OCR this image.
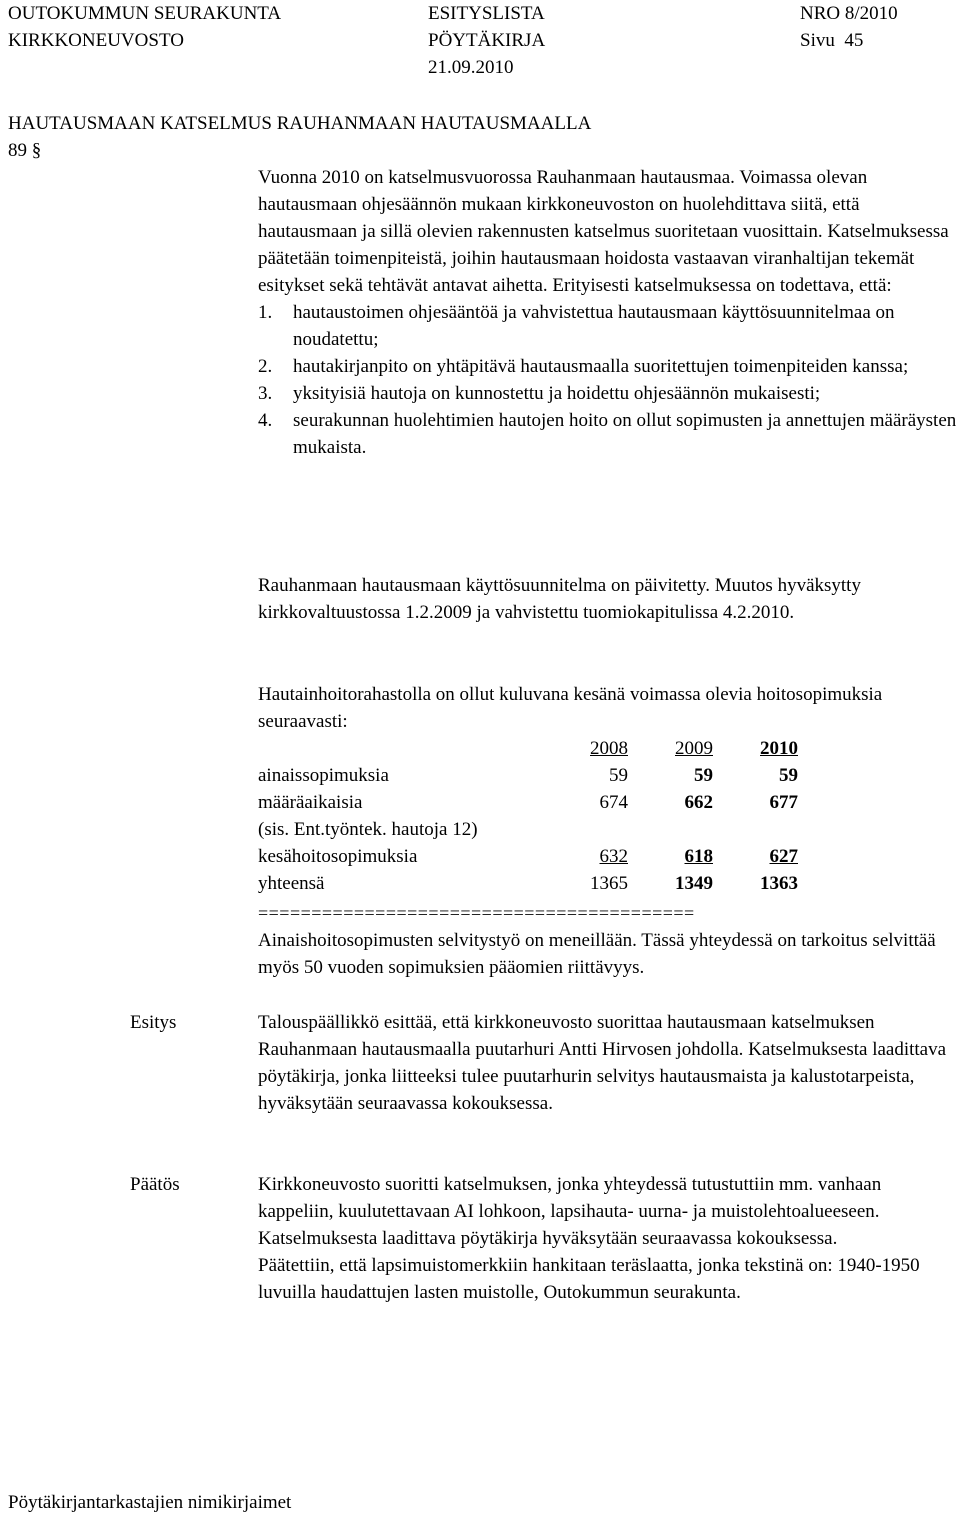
OUTOKUMMUN SEURAKUNTA
KIRKKONEUVOSTO
ESITYSLISTA
PÖYTÄKIRJA
21.09.2010
NRO 8/2010
Sivu  45
HAUTAUSMAAN KATSELMUS RAUHANMAAN HAUTAUSMAALLA
89 §

Vuonna 2010 on katselmusvuorossa Rauhanmaan hautausmaa. Voimassa olevan hautausmaan ohjesäännön mukaan kirkkoneuvoston on huolehdittava siitä, että hautausmaan ja sillä olevien rakennusten katselmus suoritetaan vuosittain. Katselmuksessa päätetään toimenpiteistä, joihin hautausmaan hoidosta vastaavan viranhaltijan tekemät esitykset sekä tehtävät antavat aihetta. Erityisesti katselmuksessa on todettava, että:

1. hautaustoimen ohjesääntöä ja vahvistettua hautausmaan käyttösuunnitelmaa on noudatettu;
2. hautakirjanpito on yhtäpitävä hautausmaalla suoritettujen toimenpiteiden kanssa;
3. yksityisiä hautoja on kunnostettu ja hoidettu ohjesäännön mukaisesti;
4. seurakunnan huolehtimien hautojen hoito on ollut sopimusten ja annettujen määräysten mukaista.

Rauhanmaan hautausmaan käyttösuunnitelma on päivitetty. Muutos hyväksytty kirkkovaltuustossa 1.2.2009 ja vahvistettu tuomiokapitulissa 4.2.2010.

Hautainhoitorahastolla on ollut kuluvana kesänä voimassa olevia hoitosopimuksia seuraavasti:

	2008	2009	2010
ainaissopimuksia	59	59	59
määräaikaisia	674	662	677
(sis. Ent.työntek. hautoja 12)			
kesähoitosopimuksia	632	618	627
yhteensä	1365	1349	1363
=========================================

Ainaishoitosopimusten selvitystyö on meneillään. Tässä yhteydessä on tarkoitus selvittää myös 50 vuoden sopimuksien pääomien riittävyys.

Esitys	Talouspäällikkö esittää, että kirkkoneuvosto suorittaa hautausmaan katselmuksen Rauhanmaan hautausmaalla puutarhuri Antti Hirvosen johdolla. Katselmuksesta laadittava pöytäkirja, jonka liitteeksi tulee puutarhurin selvitys hautausmaista ja kalustotarpeista, hyväksytään seuraavassa kokouksessa.

Päätös	Kirkkoneuvosto suoritti katselmuksen, jonka yhteydessä tutustuttiin mm. vanhaan kappeliin, kuulutettavaan AI lohkoon, lapsihauta- uurna- ja muistolehtoalueeseen. Katselmuksesta laadittava pöytäkirja hyväksytään seuraavassa kokouksessa.

Päätettiin, että lapsimuistomerkkiin hankitaan teräslaatta, jonka tekstinä on: 1940-1950 luvuilla haudattujen lasten muistolle, Outokummun seurakunta.

Pöytäkirjantarkastajien nimikirjaimet
